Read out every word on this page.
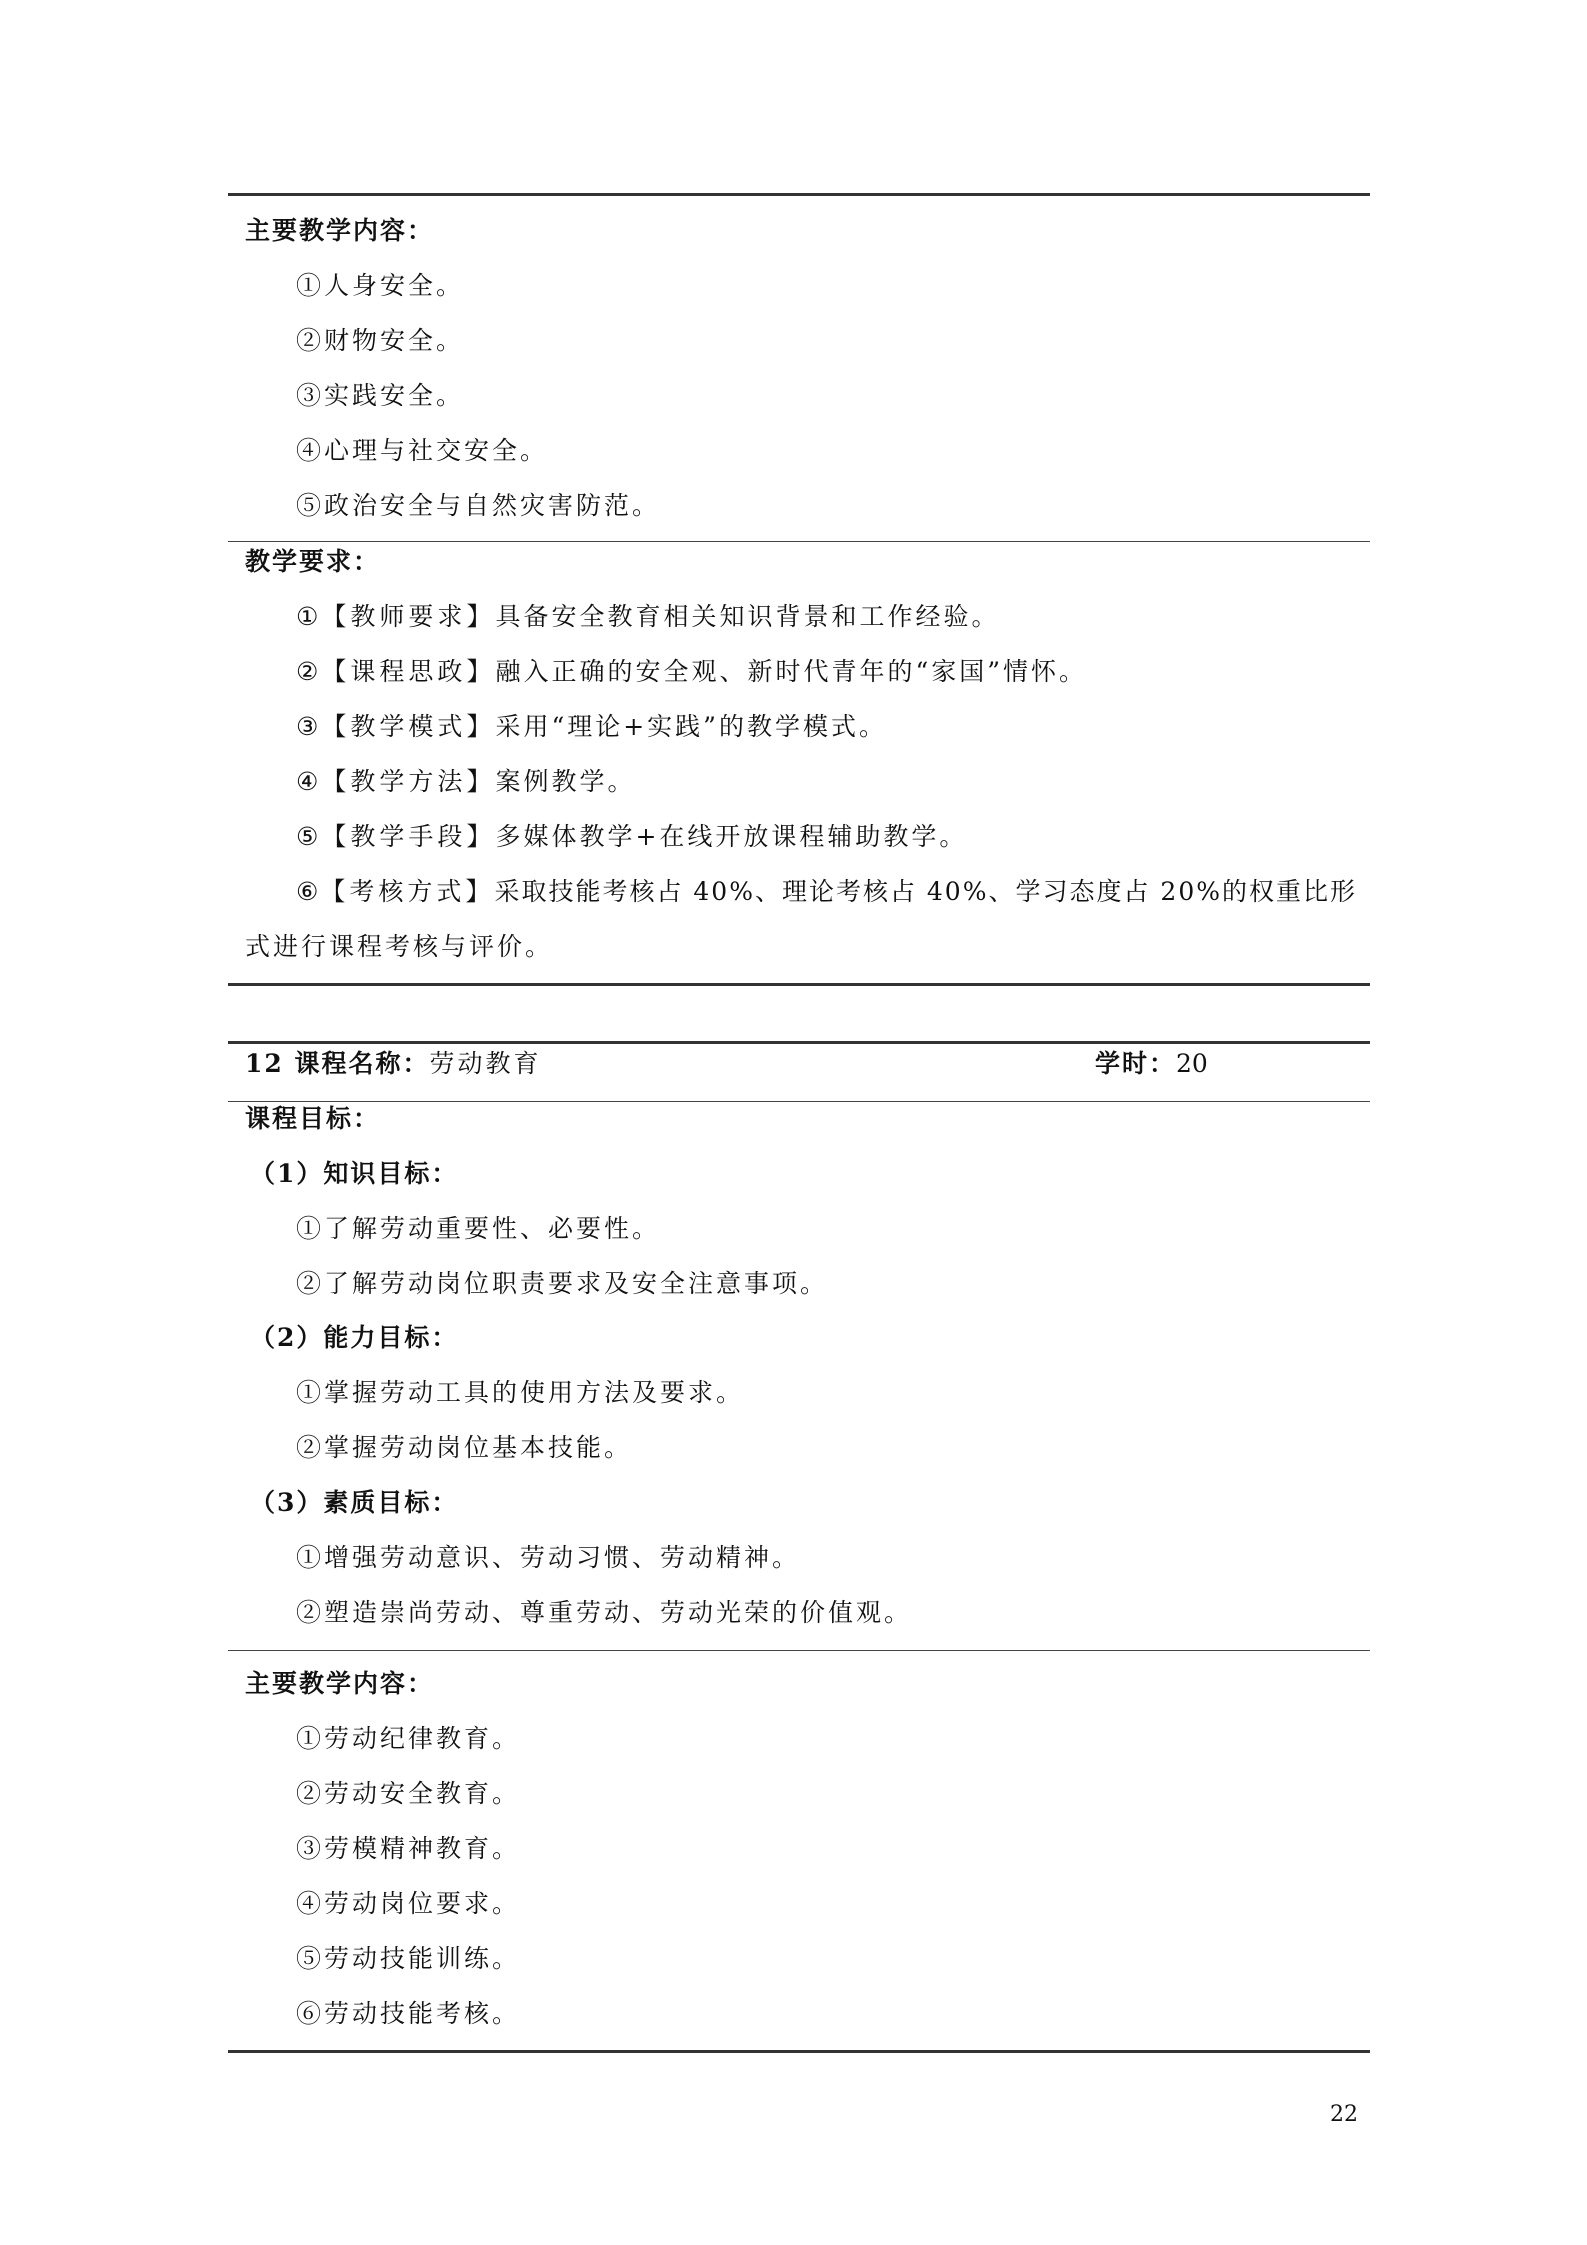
主要教学内容：
①人身安全。
②财物安全。
③实践安全。
④心理与社交安全。
⑤政治安全与自然灾害防范。
教学要求：
①【教师要求】具备安全教育相关知识背景和工作经验。
②【课程思政】融入正确的安全观、新时代青年的“家国”情怀。
③【教学模式】采用“理论+实践”的教学模式。
④【教学方法】案例教学。
⑤【教学手段】多媒体教学+在线开放课程辅助教学。
⑥【考核方式】采取技能考核占 40%、理论考核占 40%、学习态度占 20%的权重比形
式进行课程考核与评价。
12 课程名称：劳动教育	学时：20
课程目标：
（1）知识目标：
①了解劳动重要性、必要性。
②了解劳动岗位职责要求及安全注意事项。
（2）能力目标：
①掌握劳动工具的使用方法及要求。
②掌握劳动岗位基本技能。
（3）素质目标：
①增强劳动意识、劳动习惯、劳动精神。
②塑造崇尚劳动、尊重劳动、劳动光荣的价值观。
主要教学内容：
①劳动纪律教育。
②劳动安全教育。
③劳模精神教育。
④劳动岗位要求。
⑤劳动技能训练。
⑥劳动技能考核。
22
